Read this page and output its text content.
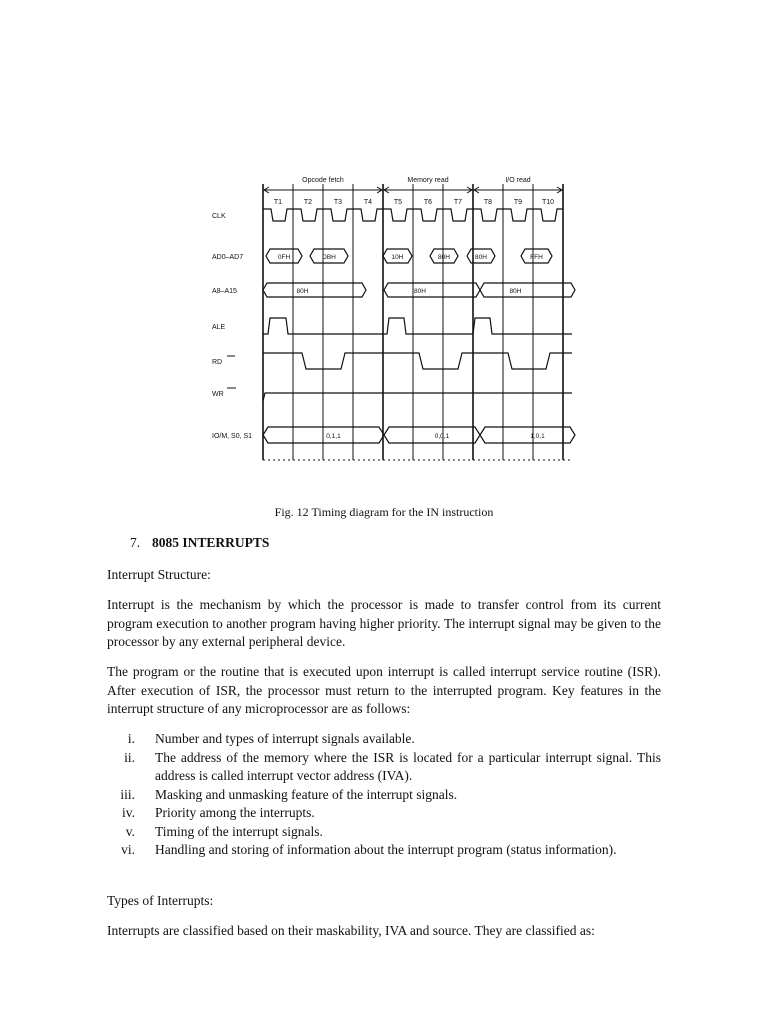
Opcode fetch	Memory read	I/O read
T1	T2	T3	T4	T5	T6	T7	T8	T9	T10
CLK
AD0–AD7
A8–A15
ALE
RD
WR
IO/M, S0, S1
0FH	DBH	10H	80H	80H	FFH
80H	80H	80H
0,1,1	0,0,1	1,0,1
Fig. 12 Timing diagram for the IN instruction
7. 8085 INTERRUPTS
Interrupt Structure:
Interrupt is the mechanism by which the processor is made to transfer control from its current program execution to another program having higher priority. The interrupt signal may be given to the processor by any external peripheral device.
The program or the routine that is executed upon interrupt is called interrupt service routine (ISR). After execution of ISR, the processor must return to the interrupted program. Key features in the interrupt structure of any microprocessor are as follows:
i. Number and types of interrupt signals available.
ii. The address of the memory where the ISR is located for a particular interrupt signal. This address is called interrupt vector address (IVA).
iii. Masking and unmasking feature of the interrupt signals.
iv. Priority among the interrupts.
v. Timing of the interrupt signals.
vi. Handling and storing of information about the interrupt program (status information).
Types of Interrupts:
Interrupts are classified based on their maskability, IVA and source. They are classified as:
